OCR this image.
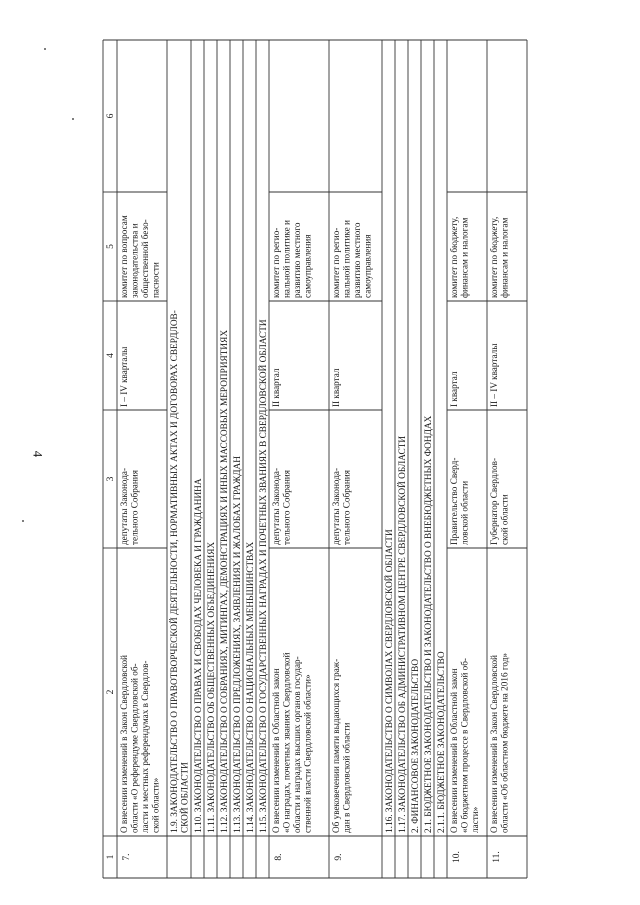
4
1
2
3
4
5
6
7.
О внесении изменений в Закон Свердловской области «О референдуме Свердловской об- ласти и местных референдумах в Свердлов- ской области»
депутаты Законода- тельного Собрания
I – IV кварталы
комитет по вопросам законодательства и общественной безо- пасности
1.9. ЗАКОНОДАТЕЛЬСТВО О ПРАВОТВОРЧЕСКОЙ ДЕЯТЕЛЬНОСТИ, НОРМАТИВНЫХ АКТАХ И ДОГОВОРАХ СВЕРДЛОВ- СКОЙ ОБЛАСТИ 1.10. ЗАКОНОДАТЕЛЬСТВО О ПРАВАХ И СВОБОДАХ ЧЕЛОВЕКА И ГРАЖДАНИНА 1.11. ЗАКОНОДАТЕЛЬСТВО ОБ ОБЩЕСТВЕННЫХ ОБЪЕДИНЕНИЯХ 1.12. ЗАКОНОДАТЕЛЬСТВО О СОБРАНИЯХ, МИТИНГАХ, ДЕМОНСТРАЦИЯХ И ИНЫХ МАССОВЫХ МЕРОПРИЯТИЯХ 1.13. ЗАКОНОДАТЕЛЬСТВО О ПРЕДЛОЖЕНИЯХ, ЗАЯВЛЕНИЯХ И ЖАЛОБАХ ГРАЖДАН 1.14. ЗАКОНОДАТЕЛЬСТВО О НАЦИОНАЛЬНЫХ МЕНЬШИНСТВАХ 1.15. ЗАКОНОДАТЕЛЬСТВО О ГОСУДАРСТВЕННЫХ НАГРАДАХ И ПОЧЕТНЫХ ЗВАНИЯХ В СВЕРДЛОВСКОЙ ОБЛАСТИ
8.
О внесении изменений в Областной закон «О наградах, почетных званиях Свердловской области и наградах высших органов государ- ственной власти Свердловской области»
депутаты Законода- тельного Собрания
II квартал
комитет по регио- нальной политике и развитию местного самоуправления
9.
Об увековечении памяти выдающихся граж- дан в Свердловской области
депутаты Законода- тельного Собрания
II квартал
комитет по регио- нальной политике и развитию местного самоуправления
1.16. ЗАКОНОДАТЕЛЬСТВО О СИМВОЛАХ СВЕРДЛОВСКОЙ ОБЛАСТИ 1.17. ЗАКОНОДАТЕЛЬСТВО ОБ АДМИНИСТРАТИВНОМ ЦЕНТРЕ СВЕРДЛОВСКОЙ ОБЛАСТИ 2. ФИНАНСОВОЕ ЗАКОНОДАТЕЛЬСТВО 2.1. БЮДЖЕТНОЕ ЗАКОНОДАТЕЛЬСТВО И ЗАКОНОДАТЕЛЬСТВО О ВНЕБЮДЖЕТНЫХ ФОНДАХ 2.1.1. БЮДЖЕТНОЕ ЗАКОНОДАТЕЛЬСТВО
10.
О внесении изменений в Областной закон «О бюджетном процессе в Свердловской об- ласти»
Правительство Сверд- ловской области
I квартал
комитет по бюджету, финансам и налогам
11.
О внесении изменений в Закон Свердловской области «Об областном бюджете на 2016 год»
Губернатор Свердлов- ской области
II – IV кварталы
комитет по бюджету, финансам и налогам
